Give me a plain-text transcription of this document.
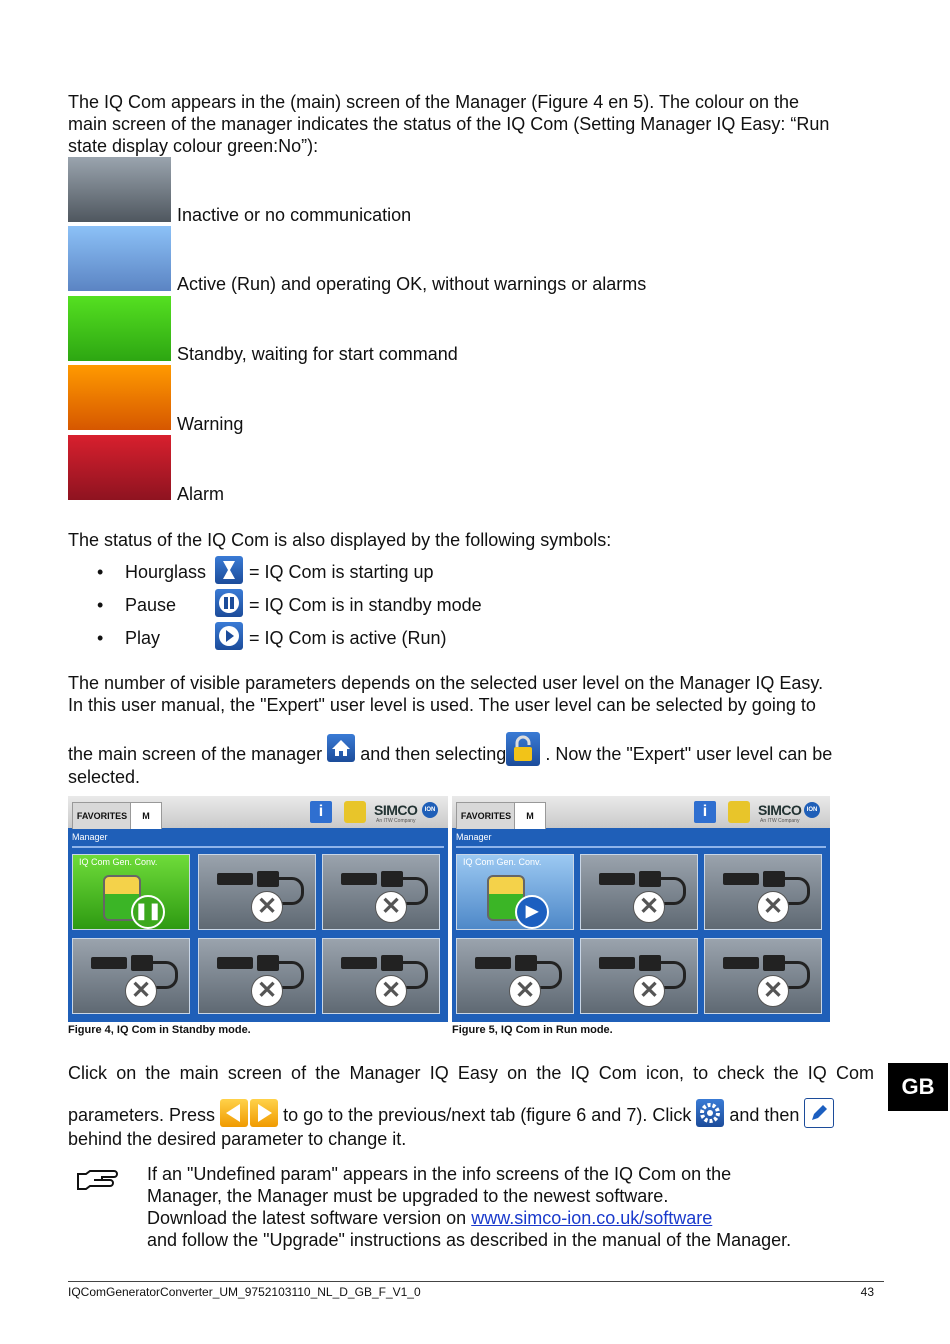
The IQ Com appears in the (main) screen of the Manager (Figure 4 en 5). The colour on the
main screen of the manager indicates the status of the IQ Com (Setting Manager IQ Easy: “Run
state display colour green:No”):
Inactive or no communication
Active (Run) and operating OK, without warnings or alarms
Standby, waiting for start command
Warning
Alarm
The status of the IQ Com is also displayed by the following symbols:
• Hourglass = IQ Com is starting up
• Pause	= IQ Com is in standby mode
• Play	= IQ Com is active (Run)
The number of visible parameters depends on the selected user level on the Manager IQ Easy.
In this user manual, the "Expert" user level is used. The user level can be selected by going to
the main screen of the manager and then selecting . Now the "Expert" user level can be
selected.
FAVORITES	M	i	SIMCO
An ITW Company
ION
Manager
IQ Com Gen. Conv.
❚❚	✕	✕
✕	✕	✕
Figure 4, IQ Com in Standby mode.
FAVORITES	M	i	SIMCO
An ITW Company
ION
Manager
IQ Com Gen. Conv.
▶	✕	✕
✕	✕	✕
Figure 5, IQ Com in Run mode.
Click on the main screen of the Manager IQ Easy on the IQ Com icon, to check the IQ Com
parameters. Press	to go to the previous/next tab (figure 6 and 7). Click and then
behind the desired parameter to change it.
GB
If an "Undefined param" appears in the info screens of the IQ Com on the
Manager, the Manager must be upgraded to the newest software.
Download the latest software version on www.simco-ion.co.uk/software
and follow the "Upgrade" instructions as described in the manual of the Manager.
IQComGeneratorConverter_UM_9752103110_NL_D_GB_F_V1_0	43
